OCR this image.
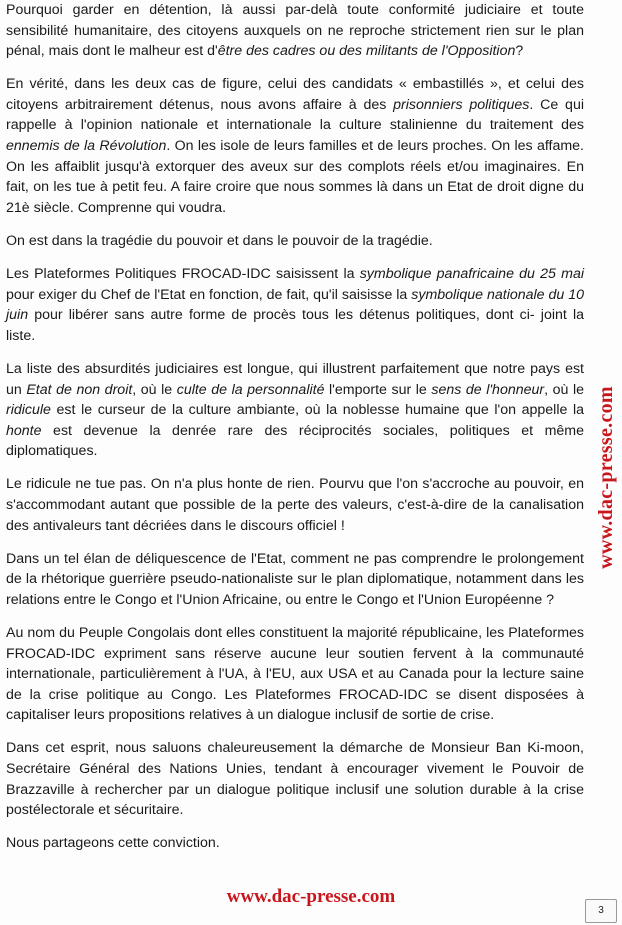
Pourquoi garder en détention, là aussi par-delà toute conformité judiciaire et toute sensibilité humanitaire, des citoyens auxquels on ne reproche strictement rien sur le plan pénal, mais dont le malheur est d'être des cadres ou des militants de l'Opposition?

En vérité, dans les deux cas de figure, celui des candidats « embastillés », et celui des citoyens arbitrairement détenus, nous avons affaire à des prisonniers politiques. Ce qui rappelle à l'opinion nationale et internationale la culture stalinienne du traitement des ennemis de la Révolution. On les isole de leurs familles et de leurs proches. On les affame. On les affaiblit jusqu'à extorquer des aveux sur des complots réels et/ou imaginaires. En fait, on les tue à petit feu. A faire croire que nous sommes là dans un Etat de droit digne du 21è siècle. Comprenne qui voudra.

On est dans la tragédie du pouvoir et dans le pouvoir de la tragédie.

Les Plateformes Politiques FROCAD-IDC saisissent la symbolique panafricaine du 25 mai pour exiger du Chef de l'Etat en fonction, de fait, qu'il saisisse la symbolique nationale du 10 juin pour libérer sans autre forme de procès tous les détenus politiques, dont ci- joint la liste.

La liste des absurdités judiciaires est longue, qui illustrent parfaitement que notre pays est un Etat de non droit, où le culte de la personnalité l'emporte sur le sens de l'honneur, où le ridicule est le curseur de la culture ambiante, où la noblesse humaine que l'on appelle la honte est devenue la denrée rare des réciprocités sociales, politiques et même diplomatiques.

Le ridicule ne tue pas. On n'a plus honte de rien. Pourvu que l'on s'accroche au pouvoir, en s'accommodant autant que possible de la perte des valeurs, c'est-à-dire de la canalisation des antivaleurs tant décriées dans le discours officiel !

Dans un tel élan de déliquescence de l'Etat, comment ne pas comprendre le prolongement de la rhétorique guerrière pseudo-nationaliste sur le plan diplomatique, notamment dans les relations entre le Congo et l'Union Africaine, ou entre le Congo et l'Union Européenne ?

Au nom du Peuple Congolais dont elles constituent la majorité républicaine, les Plateformes FROCAD-IDC expriment sans réserve aucune leur soutien fervent à la communauté internationale, particulièrement à l'UA, à l'EU, aux USA et au Canada pour la lecture saine de la crise politique au Congo. Les Plateformes FROCAD-IDC se disent disposées à capitaliser leurs propositions relatives à un dialogue inclusif de sortie de crise.

Dans cet esprit, nous saluons chaleureusement la démarche de Monsieur Ban Ki-moon, Secrétaire Général des Nations Unies, tendant à encourager vivement le Pouvoir de Brazzaville à rechercher par un dialogue politique inclusif une solution durable à la crise postélectorale et sécuritaire.

Nous partageons cette conviction.

www.dac-presse.com
www.dac-presse.com
3
